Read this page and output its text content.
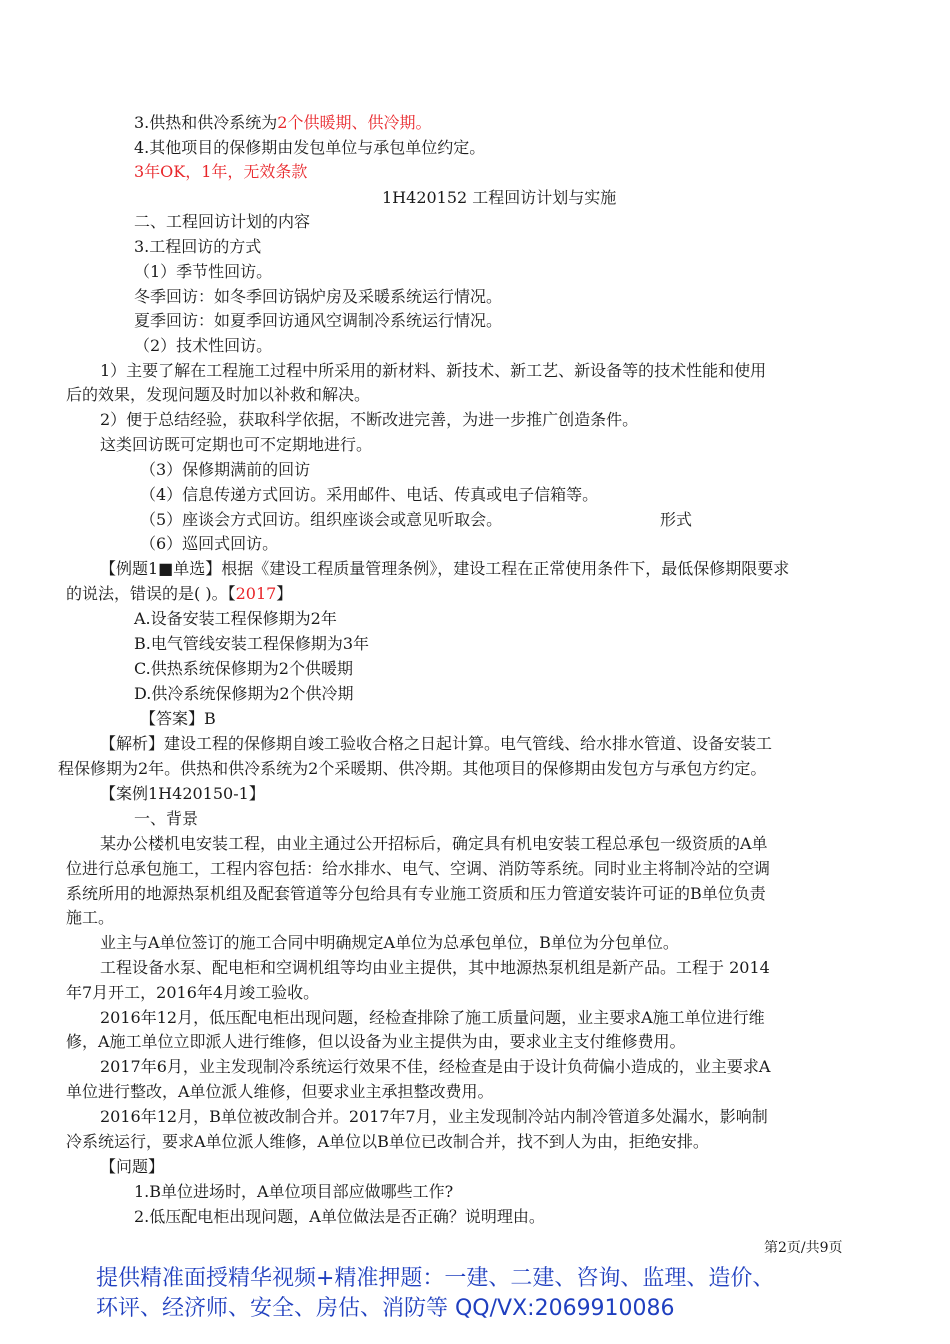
3.供热和供冷系统为2个供暖期、供冷期。
4.其他项目的保修期由发包单位与承包单位约定。
3年OK，1年，无效条款
1H420152 工程回访计划与实施
二、工程回访计划的内容
3.工程回访的方式
（1）季节性回访。
冬季回访：如冬季回访锅炉房及采暖系统运行情况。
夏季回访：如夏季回访通风空调制冷系统运行情况。
（2）技术性回访。
1）主要了解在工程施工过程中所采用的新材料、新技术、新工艺、新设备等的技术性能和使用
后的效果，发现问题及时加以补救和解决。
2）便于总结经验，获取科学依据，不断改进完善，为进一步推广创造条件。
这类回访既可定期也可不定期地进行。
（3）保修期满前的回访
（4）信息传递方式回访。采用邮件、电话、传真或电子信箱等。
（5）座谈会方式回访。组织座谈会或意见听取会。	形式
（6）巡回式回访。
【例题1■单选】根据《建设工程质量管理条例》，建设工程在正常使用条件下，最低保修期限要求
的说法，错误的是( )。【2017】
A.设备安装工程保修期为2年
B.电气管线安装工程保修期为3年
C.供热系统保修期为2个供暖期
D.供冷系统保修期为2个供冷期
【答案】B
【解析】建设工程的保修期自竣工验收合格之日起计算。电气管线、给水排水管道、设备安装工
程保修期为2年。供热和供冷系统为2个采暖期、供冷期。其他项目的保修期由发包方与承包方约定。
【案例1H420150-1】
一、背景
某办公楼机电安装工程，由业主通过公开招标后，确定具有机电安装工程总承包一级资质的A单
位进行总承包施工，工程内容包括：给水排水、电气、空调、消防等系统。同时业主将制冷站的空调
系统所用的地源热泵机组及配套管道等分包给具有专业施工资质和压力管道安装许可证的B单位负责
施工。
业主与A单位签订的施工合同中明确规定A单位为总承包单位，B单位为分包单位。
工程设备水泵、配电柜和空调机组等均由业主提供，其中地源热泵机组是新产品。工程于 2014
年7月开工，2016年4月竣工验收。
2016年12月，低压配电柜出现问题，经检查排除了施工质量问题，业主要求A施工单位进行维
修，A施工单位立即派人进行维修，但以设备为业主提供为由，要求业主支付维修费用。
2017年6月，业主发现制冷系统运行效果不佳，经检查是由于设计负荷偏小造成的，业主要求A
单位进行整改，A单位派人维修，但要求业主承担整改费用。
2016年12月，B单位被改制合并。2017年7月，业主发现制冷站内制冷管道多处漏水，影响制
冷系统运行，要求A单位派人维修，A单位以B单位已改制合并，找不到人为由，拒绝安排。
【问题】
1.B单位进场时，A单位项目部应做哪些工作?
2.低压配电柜出现问题，A单位做法是否正确？说明理由。
第2页/共9页
提供精准面授精华视频+精准押题：一建、二建、咨询、监理、造价、
环评、经济师、安全、房估、消防等 QQ/VX:2069910086
